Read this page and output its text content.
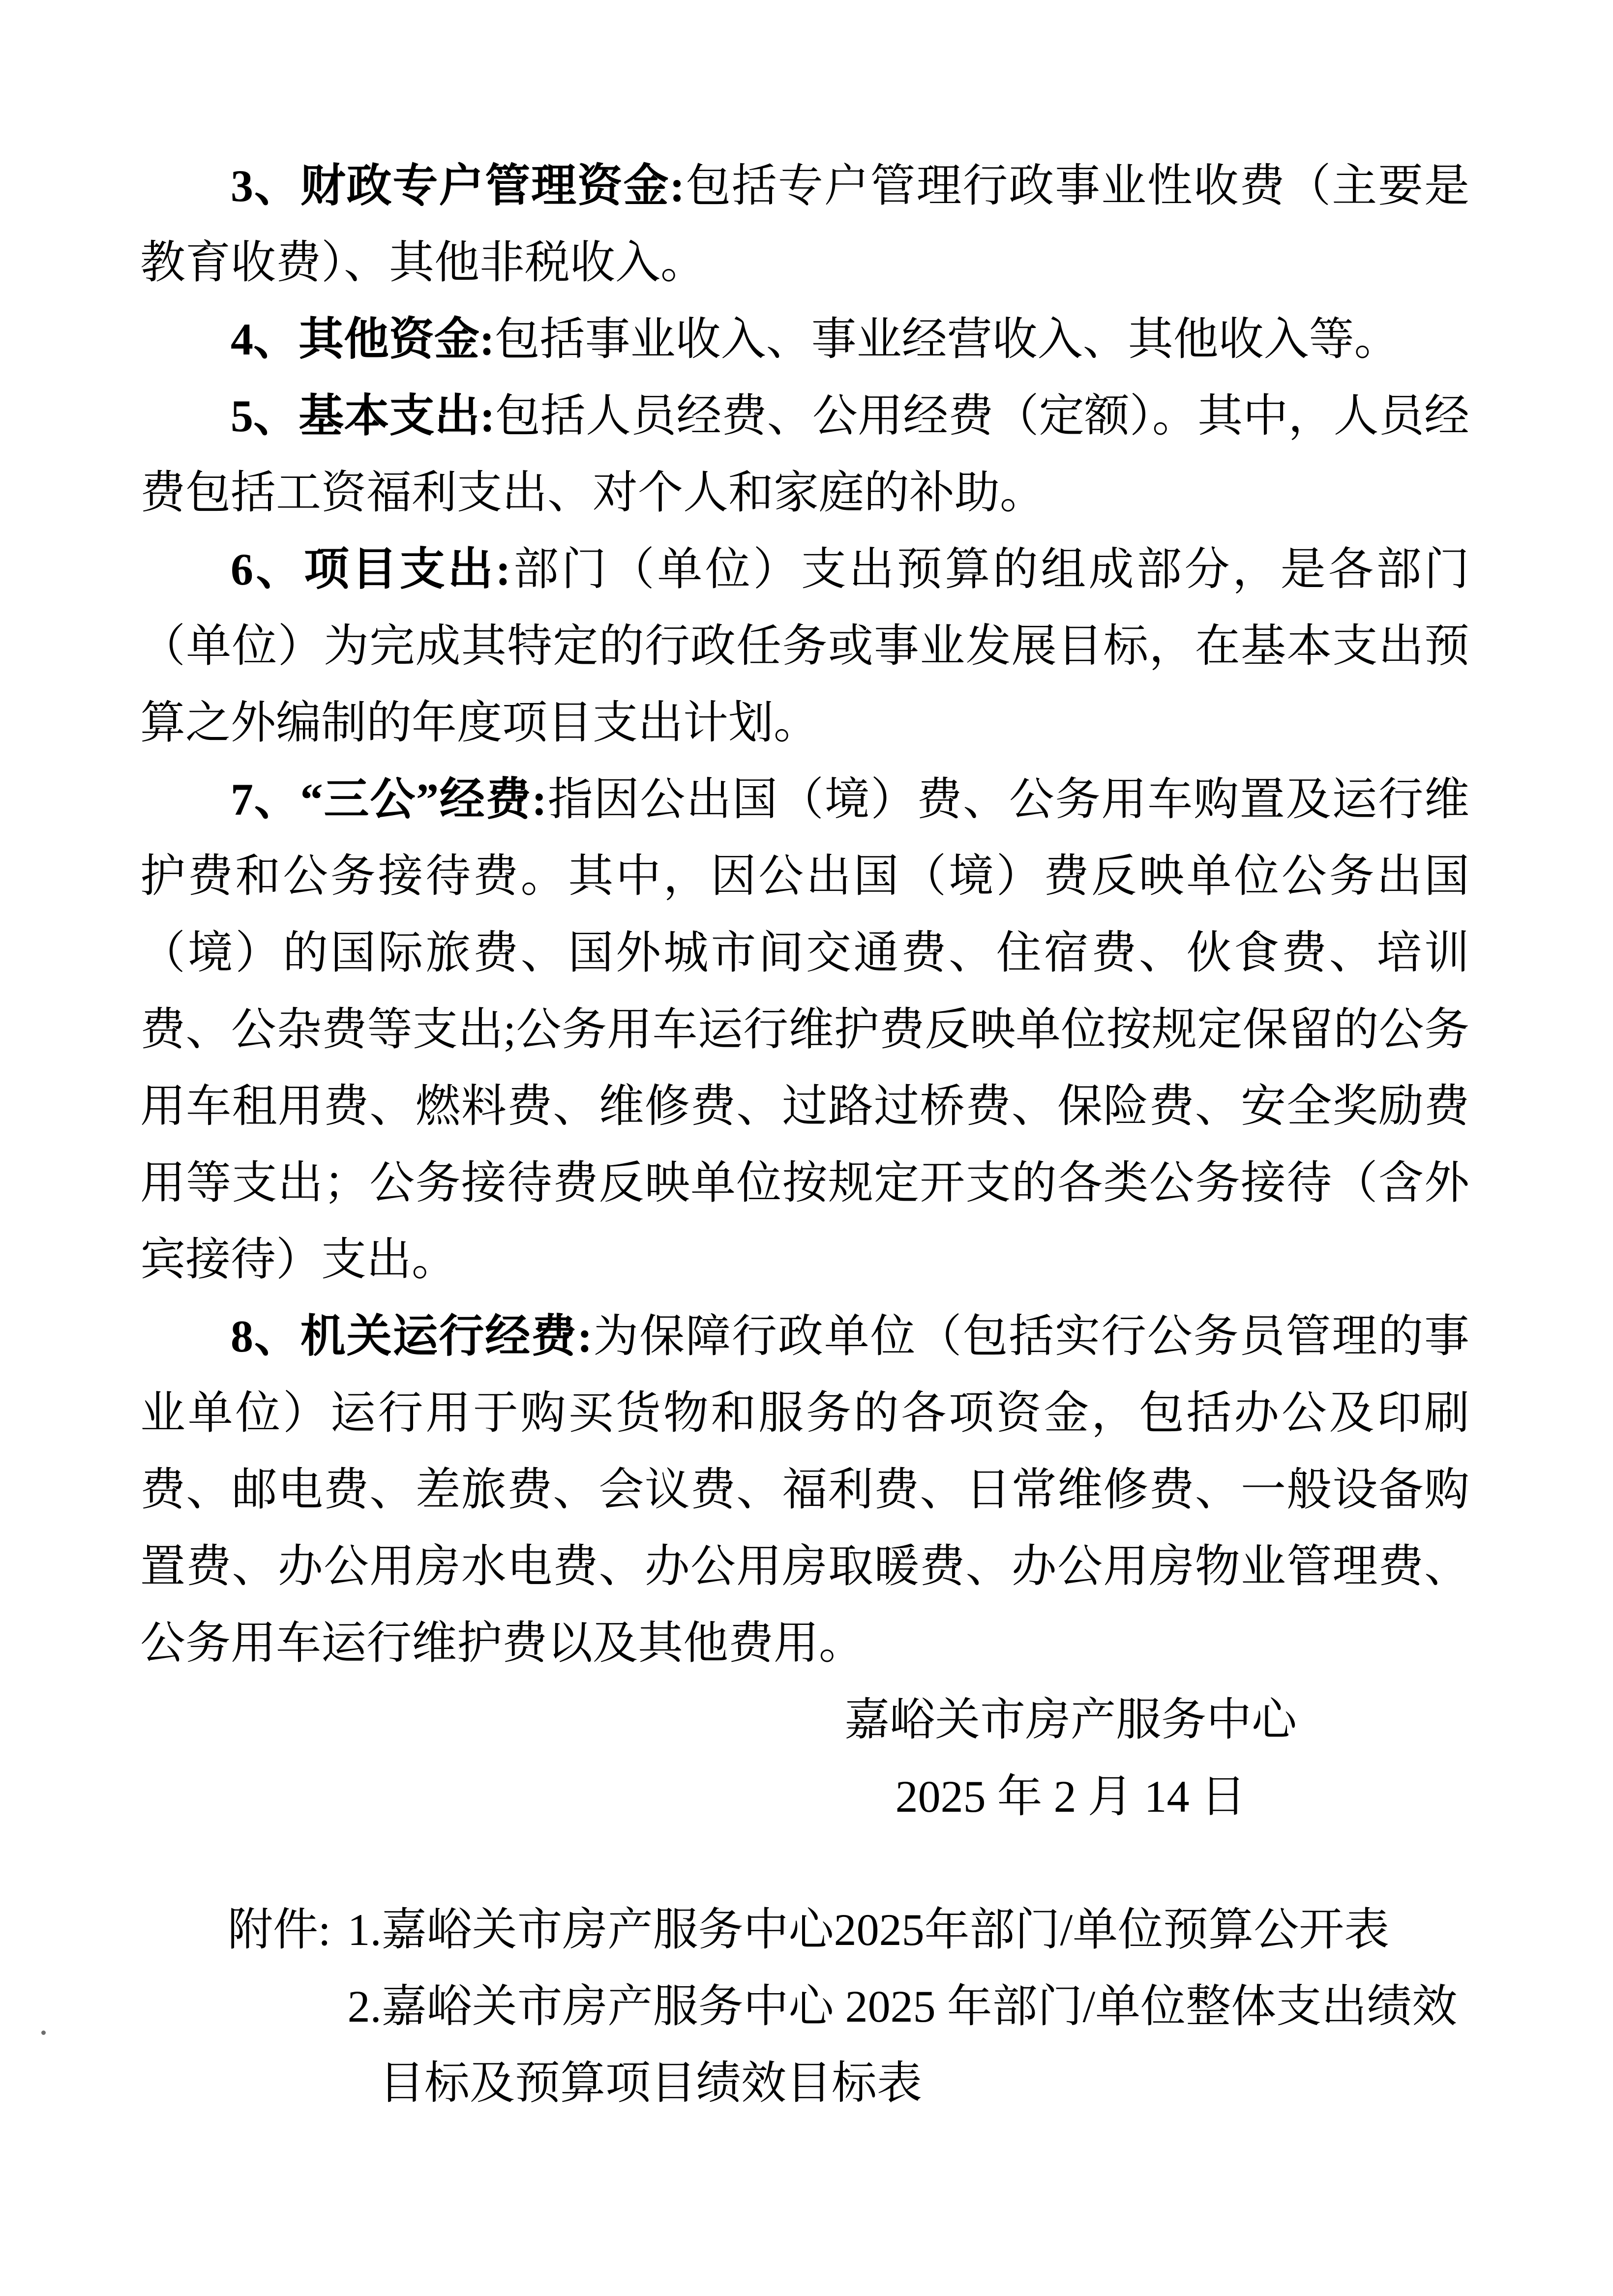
3、财政专户管理资金:包括专户管理行政事业性收费（主要是教育收费）、其他非税收入。

4、其他资金:包括事业收入、事业经营收入、其他收入等。

5、基本支出:包括人员经费、公用经费（定额）。其中，人员经费包括工资福利支出、对个人和家庭的补助。

6、项目支出:部门（单位）支出预算的组成部分，是各部门（单位）为完成其特定的行政任务或事业发展目标，在基本支出预算之外编制的年度项目支出计划。

7、“三公”经费:指因公出国（境）费、公务用车购置及运行维护费和公务接待费。其中，因公出国（境）费反映单位公务出国（境）的国际旅费、国外城市间交通费、住宿费、伙食费、培训费、公杂费等支出;公务用车运行维护费反映单位按规定保留的公务用车租用费、燃料费、维修费、过路过桥费、保险费、安全奖励费用等支出；公务接待费反映单位按规定开支的各类公务接待（含外宾接待）支出。

8、机关运行经费:为保障行政单位（包括实行公务员管理的事业单位）运行用于购买货物和服务的各项资金，包括办公及印刷费、邮电费、差旅费、会议费、福利费、日常维修费、一般设备购置费、办公用房水电费、办公用房取暖费、办公用房物业管理费、公务用车运行维护费以及其他费用。

嘉峪关市房产服务中心

2025 年 2 月 14 日

附件: 1.嘉峪关市房产服务中心2025年部门/单位预算公开表
2.嘉峪关市房产服务中心 2025 年部门/单位整体支出绩效目标及预算项目绩效目标表
